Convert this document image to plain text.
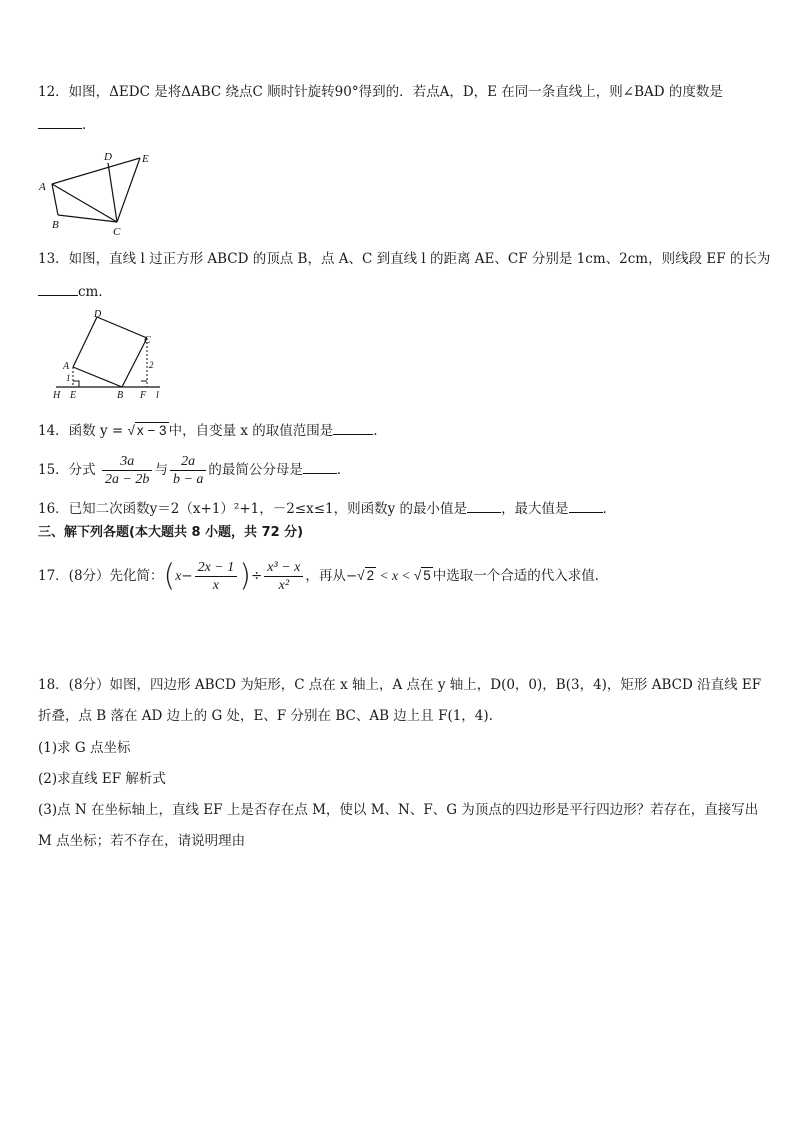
12．如图，ΔEDC 是将ΔABC 绕点C 顺时针旋转90°得到的．若点A，D，E 在同一条直线上，则∠BAD 的度数是
．
A
B
C
D	E
13．如图，直线 l 过正方形 ABCD 的顶点 B，点 A、C 到直线 l 的距离 AE、CF 分别是 1cm、2cm，则线段 EF 的长为
cm．
D
C
A
1
2
H E	B F l
14．函数 y = √ x − 3 中，自变量 x 的取值范围是	.
15．分式 $\frac{3a}{2a - 2b}$ 与 $\frac{2a}{b - a}$ 的最简公分母是	．
16．已知二次函数y＝2（x+1）²+1，－2≤x≤1，则函数y 的最小值是	，最大值是	．
三、解下列各题(本大题共 8 小题，共 72 分)
17．(8分）先化简：($x- \frac{2x - 1}{x}$ )÷ $\frac{\text{x³ − x}}{\text{x²}}$ ，再从−√ 2 < x < √ 5 中选取一个合适的代入求值．
18．(8分）如图，四边形 ABCD 为矩形，C 点在 x 轴上，A 点在 y 轴上，D(0，0)，B(3，4)，矩形 ABCD 沿直线 EF
折叠，点 B 落在 AD 边上的 G 处，E、F 分别在 BC、AB 边上且 F(1，4).
(1)求 G 点坐标
(2)求直线 EF 解析式
(3)点 N 在坐标轴上，直线 EF 上是否存在点 M，使以 M、N、F、G 为顶点的四边形是平行四边形？若存在，直接写出
M 点坐标；若不存在，请说明理由
